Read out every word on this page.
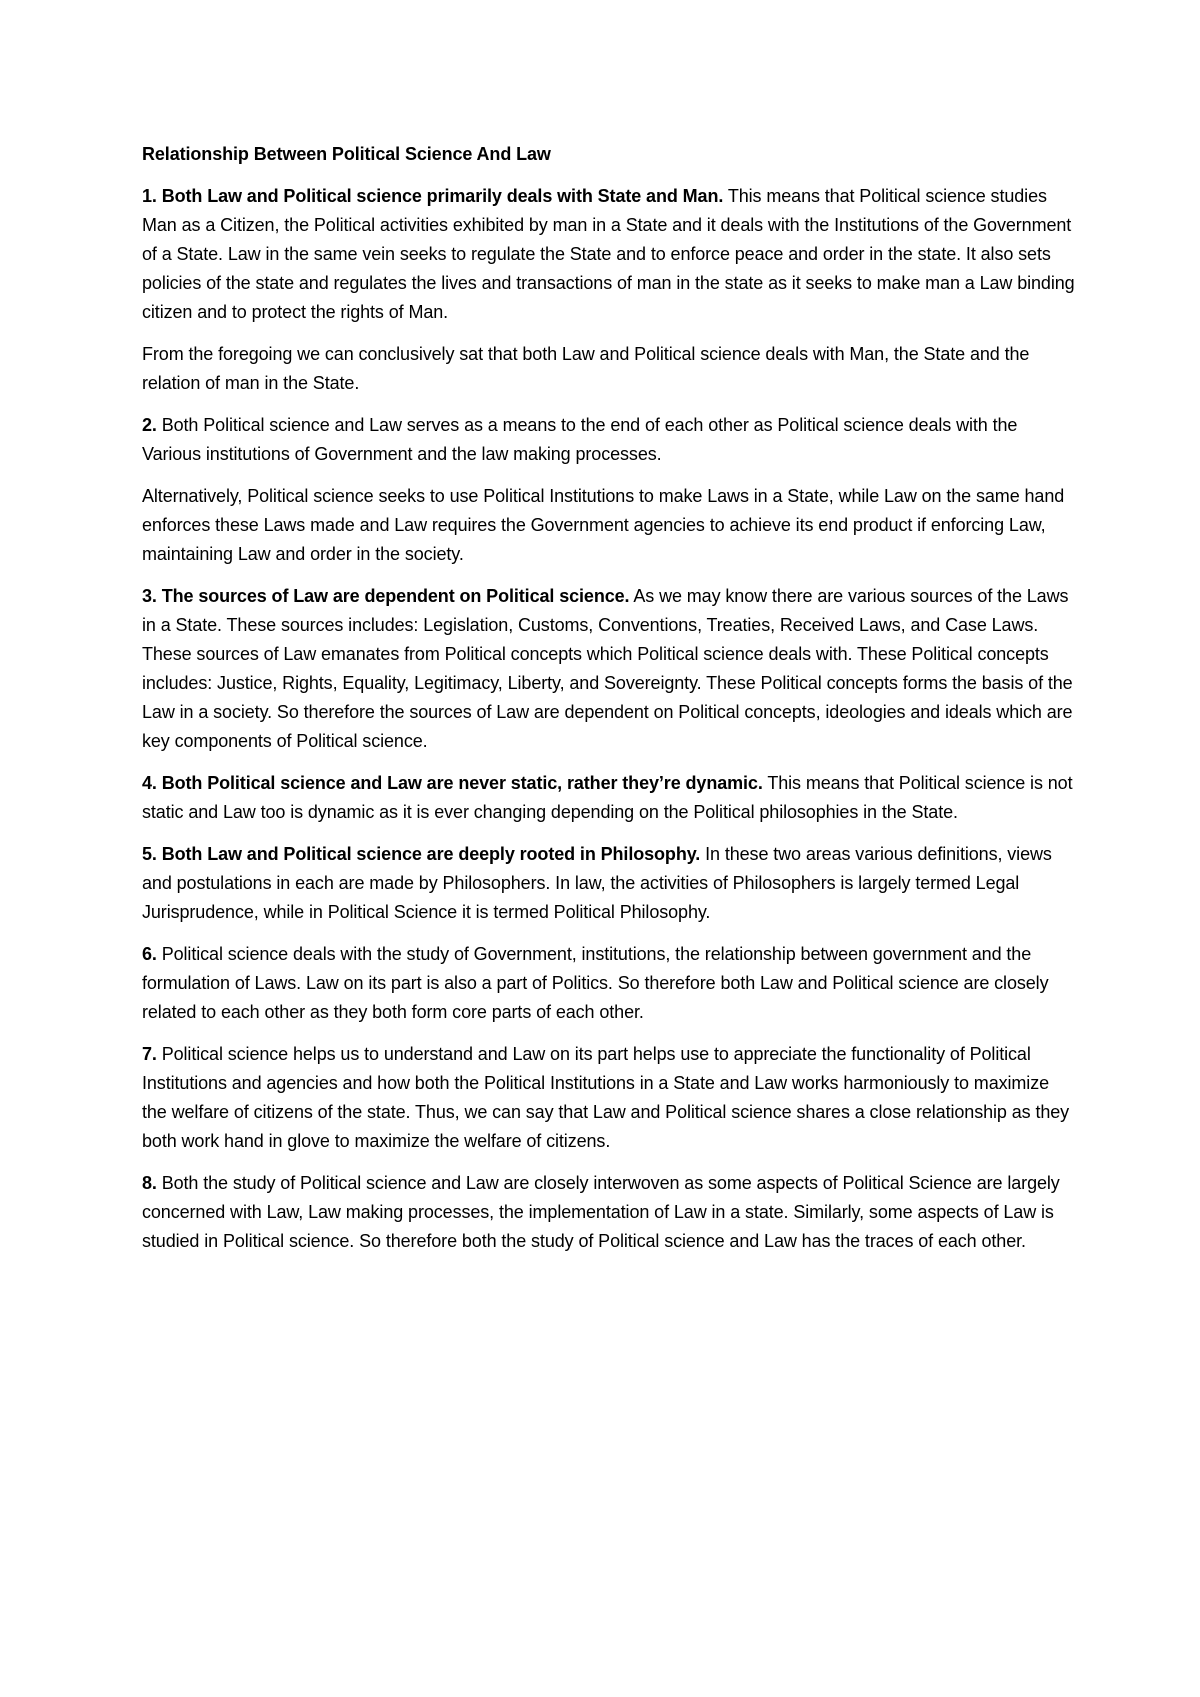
Relationship Between Political Science And Law
1. Both Law and Political science primarily deals with State and Man. This means that Political science studies Man as a Citizen, the Political activities exhibited by man in a State and it deals with the Institutions of the Government of a State. Law in the same vein seeks to regulate the State and to enforce peace and order in the state. It also sets policies of the state and regulates the lives and transactions of man in the state as it seeks to make man a Law binding citizen and to protect the rights of Man.
From the foregoing we can conclusively sat that both Law and Political science deals with Man, the State and the relation of man in the State.
2. Both Political science and Law serves as a means to the end of each other as Political science deals with the Various institutions of Government and the law making processes.
Alternatively, Political science seeks to use Political Institutions to make Laws in a State, while Law on the same hand enforces these Laws made and Law requires the Government agencies to achieve its end product if enforcing Law, maintaining Law and order in the society.
3. The sources of Law are dependent on Political science. As we may know there are various sources of the Laws in a State. These sources includes: Legislation, Customs, Conventions, Treaties, Received Laws, and Case Laws. These sources of Law emanates from Political concepts which Political science deals with. These Political concepts includes: Justice, Rights, Equality, Legitimacy, Liberty, and Sovereignty. These Political concepts forms the basis of the Law in a society. So therefore the sources of Law are dependent on Political concepts, ideologies and ideals which are key components of Political science.
4. Both Political science and Law are never static, rather they’re dynamic. This means that Political science is not static and Law too is dynamic as it is ever changing depending on the Political philosophies in the State.
5. Both Law and Political science are deeply rooted in Philosophy. In these two areas various definitions, views and postulations in each are made by Philosophers. In law, the activities of Philosophers is largely termed Legal Jurisprudence, while in Political Science it is termed Political Philosophy.
6. Political science deals with the study of Government, institutions, the relationship between government and the formulation of Laws. Law on its part is also a part of Politics. So therefore both Law and Political science are closely related to each other as they both form core parts of each other.
7. Political science helps us to understand and Law on its part helps use to appreciate the functionality of Political Institutions and agencies and how both the Political Institutions in a State and Law works harmoniously to maximize the welfare of citizens of the state. Thus, we can say that Law and Political science shares a close relationship as they both work hand in glove to maximize the welfare of citizens.
8. Both the study of Political science and Law are closely interwoven as some aspects of Political Science are largely concerned with Law, Law making processes, the implementation of Law in a state. Similarly, some aspects of Law is studied in Political science. So therefore both the study of Political science and Law has the traces of each other.
